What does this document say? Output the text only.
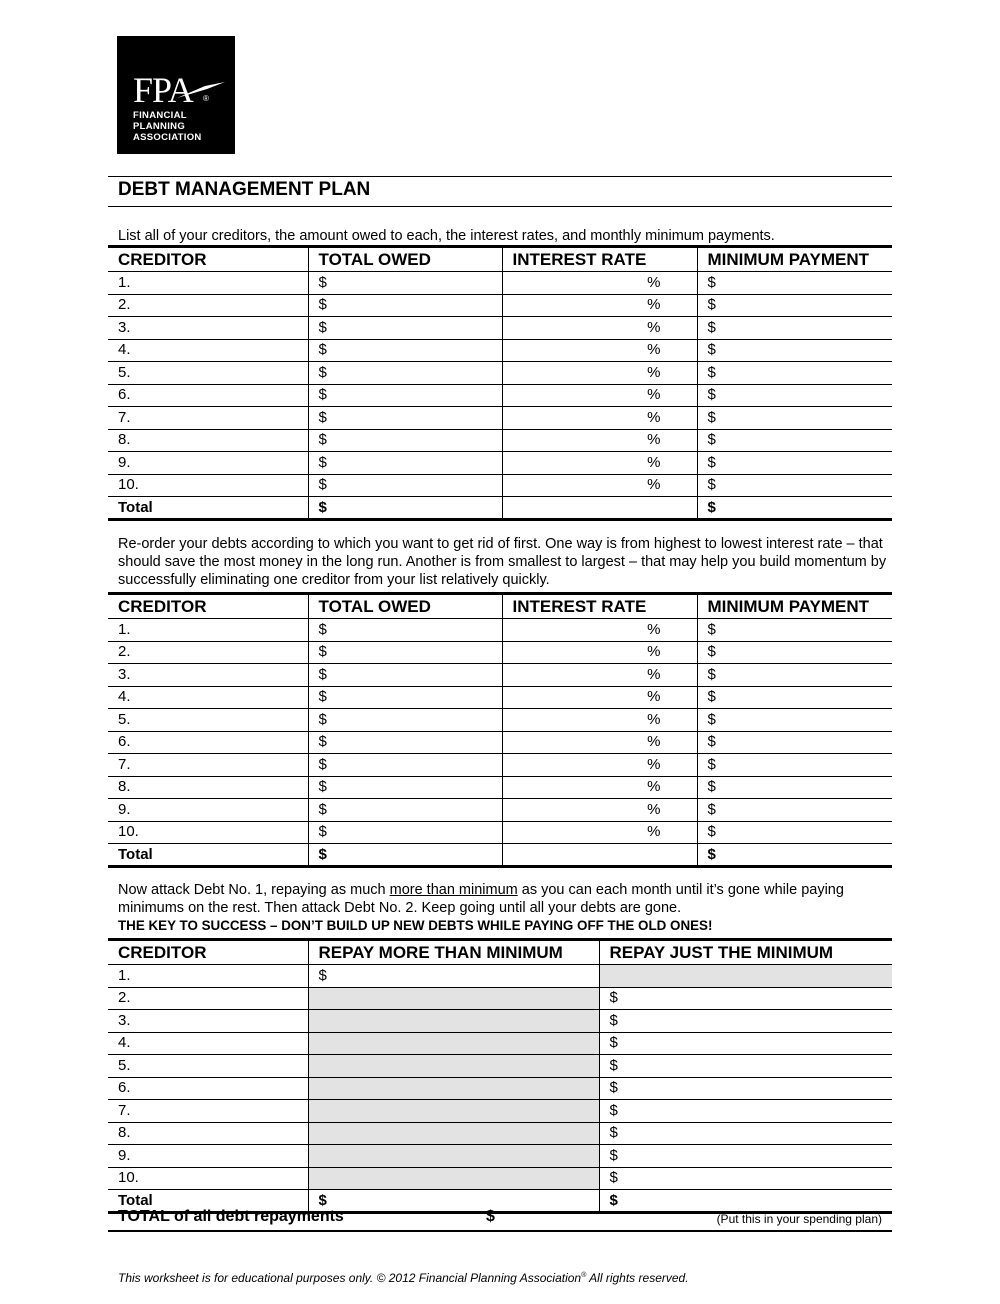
FPA ®
FINANCIAL
PLANNING
ASSOCIATION
DEBT MANAGEMENT PLAN
List all of your creditors, the amount owed to each, the interest rates, and monthly minimum payments.
CREDITOR	TOTAL OWED	INTEREST RATE	MINIMUM PAYMENT
1.	$	%	$
2.	$	%	$
3.	$	%	$
4.	$	%	$
5.	$	%	$
6.	$	%	$
7.	$	%	$
8.	$	%	$
9.	$	%	$
10.	$	%	$
Total	$		$
Re-order your debts according to which you want to get rid of first. One way is from highest to lowest interest rate – that should save the most money in the long run. Another is from smallest to largest – that may help you build momentum by successfully eliminating one creditor from your list relatively quickly.
CREDITOR	TOTAL OWED	INTEREST RATE	MINIMUM PAYMENT
1.	$	%	$
2.	$	%	$
3.	$	%	$
4.	$	%	$
5.	$	%	$
6.	$	%	$
7.	$	%	$
8.	$	%	$
9.	$	%	$
10.	$	%	$
Total	$		$
Now attack Debt No. 1, repaying as much more than minimum as you can each month until it’s gone while paying minimums on the rest. Then attack Debt No. 2. Keep going until all your debts are gone.
THE KEY TO SUCCESS – DON’T BUILD UP NEW DEBTS WHILE PAYING OFF THE OLD ONES!
CREDITOR	REPAY MORE THAN MINIMUM	REPAY JUST THE MINIMUM
1.	$	
2.		$
3.		$
4.		$
5.		$
6.		$
7.		$
8.		$
9.		$
10.		$
Total	$	$
TOTAL of all debt repayments	$	(Put this in your spending plan)
This worksheet is for educational purposes only. © 2012 Financial Planning Association® All rights reserved.
